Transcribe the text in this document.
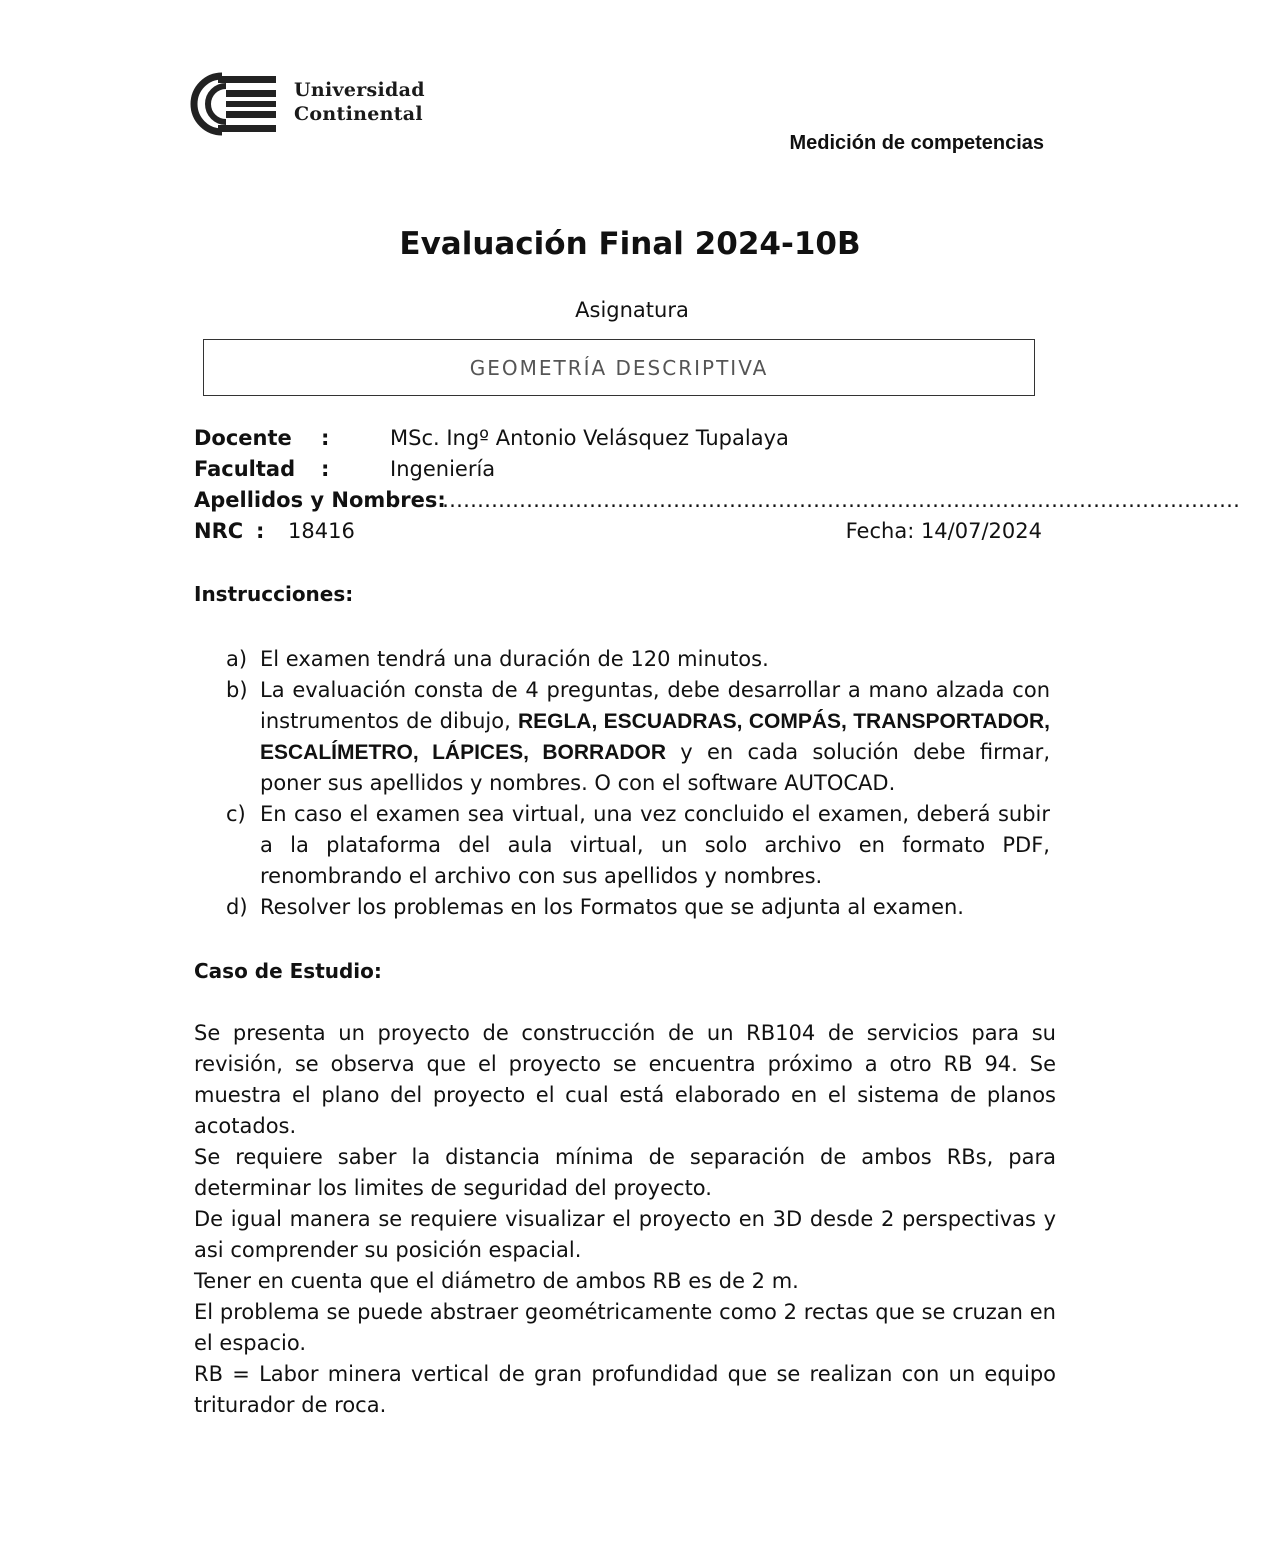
Universidad
Continental
Medición de competencias
Evaluación Final 2024-10B
Asignatura
GEOMETRÍA DESCRIPTIVA
Docente :	MSc. Ingº Antonio Velásquez Tupalaya
Facultad :	Ingeniería
Apellidos y Nombres:
……………………………………………………………………………………………………
NRC : 18416	Fecha: 14/07/2024
Instrucciones:
a) El examen tendrá una duración de 120 minutos.
b) La evaluación consta de 4 preguntas, debe desarrollar a mano alzada con instrumentos de dibujo, REGLA, ESCUADRAS, COMPÁS, TRANSPORTADOR, ESCALÍMETRO, LÁPICES, BORRADOR y en cada solución debe firmar, poner sus apellidos y nombres. O con el software AUTOCAD.
c) En caso el examen sea virtual, una vez concluido el examen, deberá subir a la plataforma del aula virtual, un solo archivo en formato PDF, renombrando el archivo con sus apellidos y nombres.
d) Resolver los problemas en los Formatos que se adjunta al examen.
Caso de Estudio:

Se presenta un proyecto de construcción de un RB104 de servicios para su revisión, se observa que el proyecto se encuentra próximo a otro RB 94. Se muestra el plano del proyecto el cual está elaborado en el sistema de planos acotados.

Se requiere saber la distancia mínima de separación de ambos RBs, para determinar los limites de seguridad del proyecto.

De igual manera se requiere visualizar el proyecto en 3D desde 2 perspectivas y asi comprender su posición espacial.

Tener en cuenta que el diámetro de ambos RB es de 2 m.

El problema se puede abstraer geométricamente como 2 rectas que se cruzan en el espacio.

RB = Labor minera vertical de gran profundidad que se realizan con un equipo triturador de roca.
